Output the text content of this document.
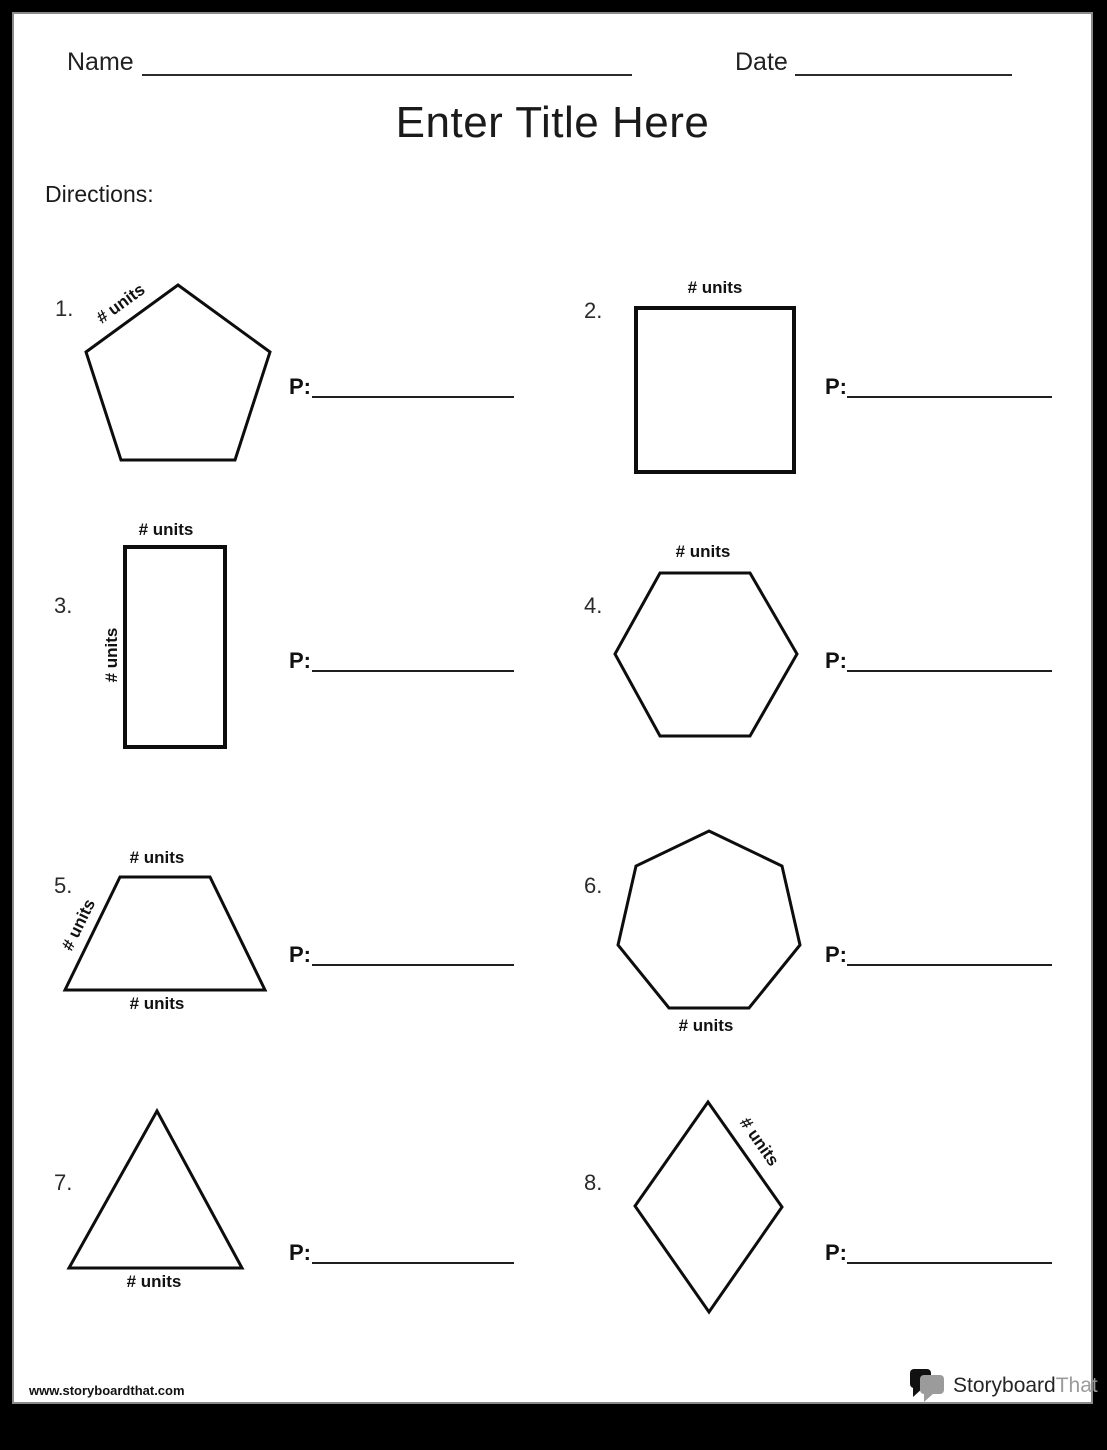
Name	Date
Enter Title Here
Directions:
1.	# units
P:
2.
# units
P:
3.
# units
# units	P:
4.
# units
P:
5.
# units
# units
# units
P:
6.
# units
P:
7.
# units
P:
8.
# units
P:
www.storyboardthat.com	StoryboardThat
